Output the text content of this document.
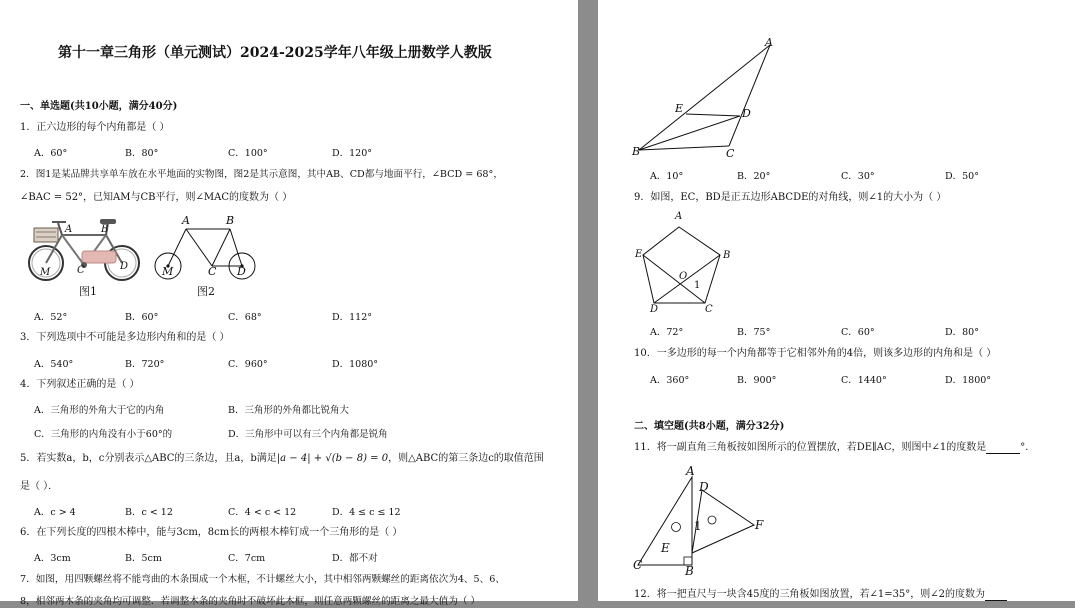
第十一章三角形（单元测试）2024-2025学年八年级上册数学人教版
一、单选题(共10小题，满分40分)
1．正六边形的每个内角都是（ ）
A．60°	B．80°	C．100°	D．120°
2．图1是某品牌共享单车放在水平地面的实物图，图2是其示意图，其中AB、CD都与地面平行，∠BCD = 68°，
∠BAC = 52°，已知AM与CB平行，则∠MAC的度数为（ ）
A	B
M	C	D
图1
A	B
M	C D
图2
A．52°	B．60°	C．68°	D．112°
3．下列选项中不可能是多边形内角和的是（ ）
A．540°	B．720°	C．960°	D．1080°
4．下列叙述正确的是（ ）
A．三角形的外角大于它的内角	B．三角形的外角都比锐角大
C．三角形的内角没有小于60°的	D．三角形中可以有三个内角都是锐角
5．若实数a，b，c分别表示△ABC的三条边，且a，b满足|a − 4| + √(b − 8) = 0，则△ABC的第三条边c的取值范围
是（ ）．
A．c > 4	B．c < 12	C．4 < c < 12	D．4 ≤ c ≤ 12
6．在下列长度的四根木棒中，能与3cm，8cm长的两根木棒钉成一个三角形的是（ ）
A．3cm	B．5cm	C．7cm	D．都不对
7．如图，用四颗螺丝将不能弯曲的木条围成一个木框，不计螺丝大小，其中相邻两颗螺丝的距离依次为4、5、6、
8，相邻两木条的夹角均可调整．若调整木条的夹角时不破坏此木框，则任意两颗螺丝的距离之最大值为（ ）
A
E	D
B	C
A．10°	B．20°	C．30°	D．50°
9．如图，EC，BD是正五边形ABCDE的对角线，则∠1的大小为（ ）
A
E	B
O
1
D	C
A．72°	B．75°	C．60°	D．80°
10．一多边形的每一个内角都等于它相邻外角的4倍，则该多边形的内角和是（ ）
A．360°	B．900°	C．1440°	D．1800°
二、填空题(共8小题，满分32分)
11．将一副直角三角板按如图所示的位置摆放，若DE∥AC，则图中∠1的度数是	°．
A
D
F
E
1
C	B
12．将一把直尺与一块含45度的三角板如图放置，若∠1=35°，则∠2的度数为
